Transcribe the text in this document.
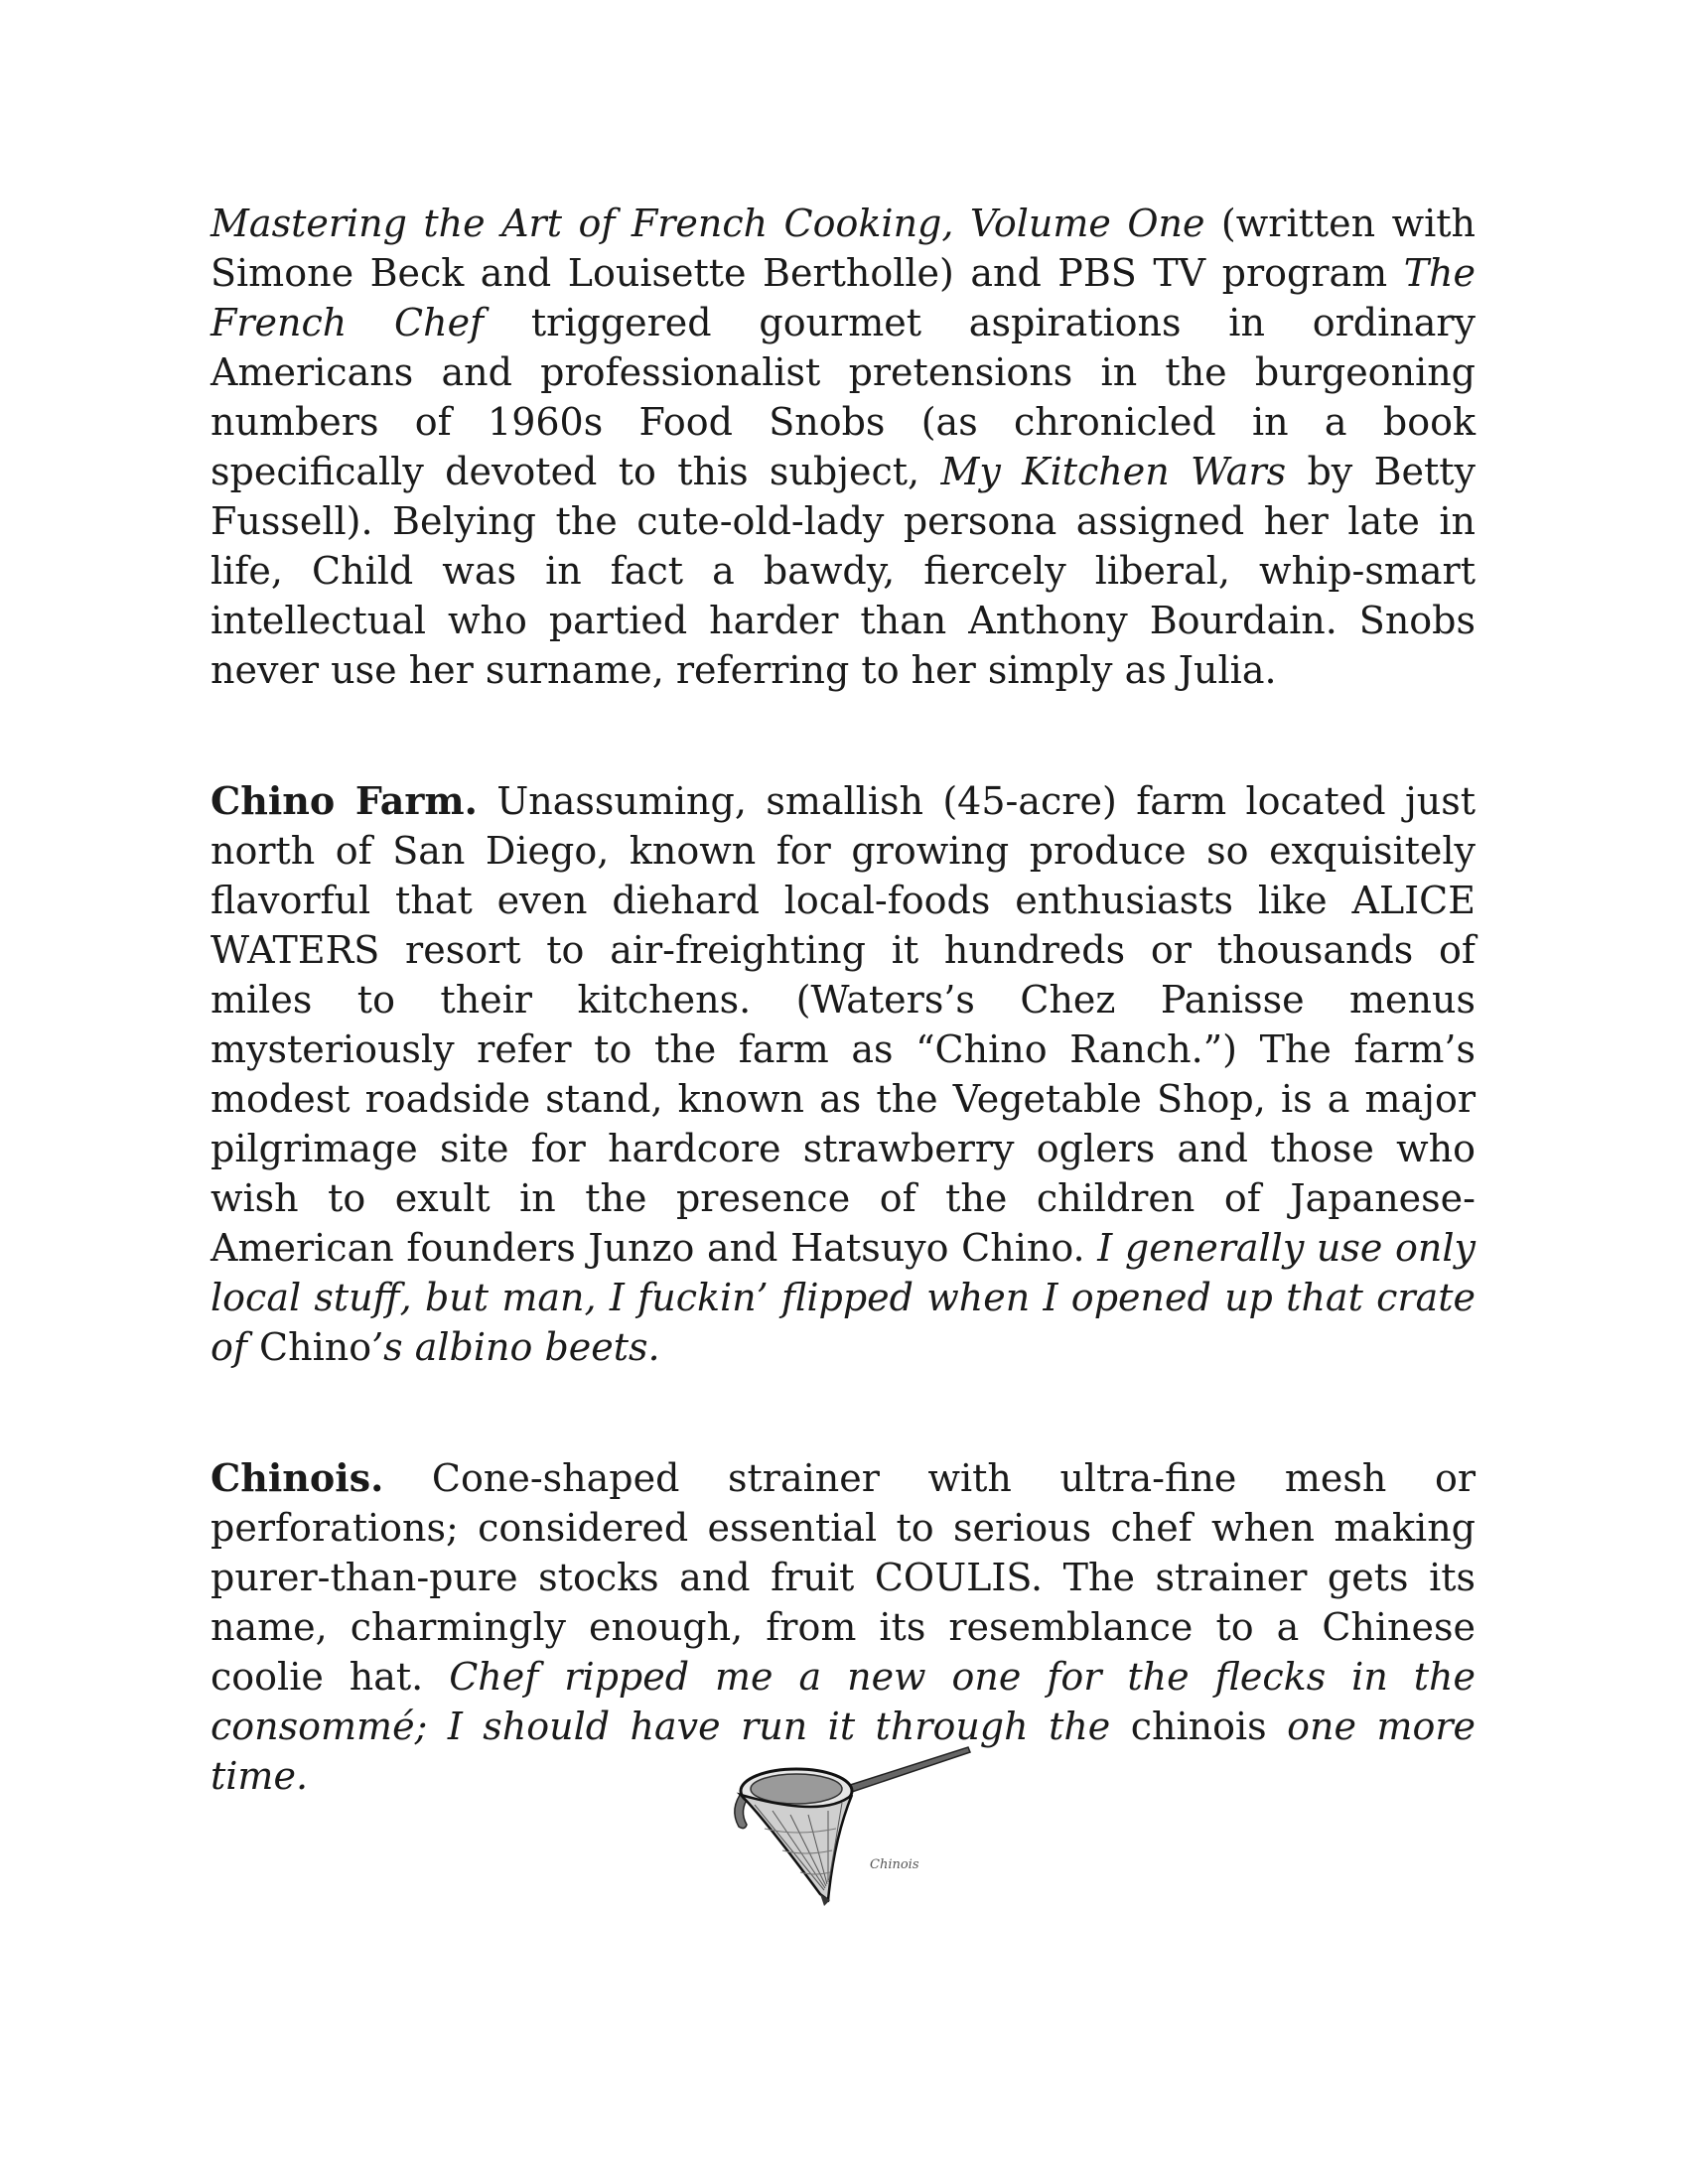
Mastering the Art of French Cooking, Volume One (written with Simone Beck and Louisette Bertholle) and PBS TV program The French Chef triggered gourmet aspirations in ordinary Americans and professionalist pretensions in the burgeoning numbers of 1960s Food Snobs (as chronicled in a book specifically devoted to this subject, My Kitchen Wars by Betty Fussell). Belying the cute-old-lady persona assigned her late in life, Child was in fact a bawdy, fiercely liberal, whip-smart intellectual who partied harder than Anthony Bourdain. Snobs never use her surname, referring to her simply as Julia.

Chino Farm. Unassuming, smallish (45-acre) farm located just north of San Diego, known for growing produce so exquisitely flavorful that even diehard local-foods enthusiasts like ALICE WATERS resort to air-freighting it hundreds or thousands of miles to their kitchens. (Waters’s Chez Panisse menus mysteriously refer to the farm as “Chino Ranch.”) The farm’s modest roadside stand, known as the Vegetable Shop, is a major pilgrimage site for hardcore strawberry oglers and those who wish to exult in the presence of the children of Japanese-American founders Junzo and Hatsuyo Chino. I generally use only local stuff, but man, I fuckin’ flipped when I opened up that crate of Chino’s albino beets.

Chinois. Cone-shaped strainer with ultra-fine mesh or perforations; considered essential to serious chef when making purer-than-pure stocks and fruit COULIS. The strainer gets its name, charmingly enough, from its resemblance to a Chinese coolie hat. Chef ripped me a new one for the flecks in the consommé; I should have run it through the chinois one more time.

Chinois
